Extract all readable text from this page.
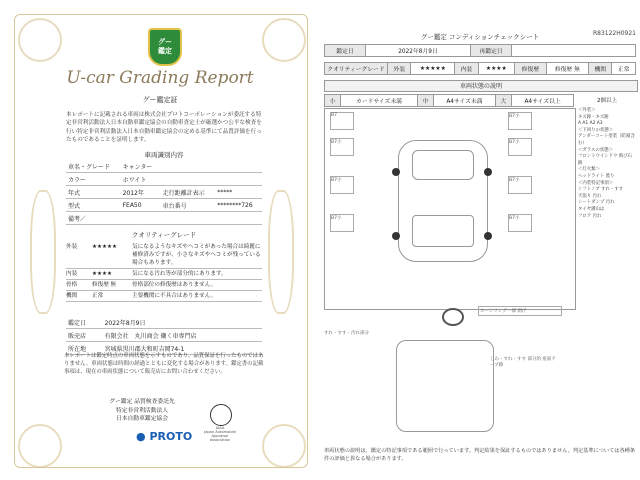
グー
鑑定
U-car Grading Report
グー鑑定証
本レポートに記載される車両は株式会社プロトコーポレーションが委託する特定非営利活動法人日本自動車鑑定協会の自動車査定士が厳選かつ公平な検査を行い特定非営利活動法人日本自動車鑑定協会の定める基準にて品質評価を行ったものであることを証明します。
車両識別内容
車名・グレード	キャンター		
カラー	ホワイト		
年式	2012年	走行距離計表示	*****
型式	FEA50	車台番号	********726
備考／			
クオリティーグレード
外装	★★★★★	気になるようなキズやヘコミがあった場合は綺麗に補修済みですが、小さなキズやヘコミが残っている場合もあります。
内装	★★★★	気になる汚れ等が部分的にあります。
骨格	修復歴 無	骨格部位の修復歴はありません。
機関	正常	主要機関に不具合はありません。
鑑定日	2022年8月9日
販売店	有限会社　丸川商会 働く車専門店
所在地	宮城県黒川郡大和町吉岡74-1
本レポートは鑑定時点の車両状態を示すものであり、品質保証を行ったものではありません。車両状態は時間の経過とともに変化する場合があります。鑑定書の記載事項は、現在の車両状態について販売店にお問い合わせください。
グー鑑定 品質検査委託先
特定非営利活動法人
日本自動車鑑定協会
JAAA
Japan Automobile Appraisal Association
● PROTO
グー鑑定 コンディションチェックシート	R83122H0921
鑑定日	2022年8月9日	再鑑定日	
クオリティーグレード	外装	★★★★★	内装	★★★★	修復歴	修復歴 無	機関	正常
車両状態の説明
小	カードサイズ未満	中	A4サイズ未満	大	A4サイズ以上	2個以上
B7	B7小
B7小	B7小
B7小	B7小
B7小	B7小
＜外装＞
キズ跡 - キズ跡
A A1 A2 A3
＜下回りの状態＞
アンダーコート塗装（防錆含む）
＜ガラスの状態＞
フロントウインドウ 飛び石 跡
＜灯火類＞
ヘッドライト 曇り
＜内装特記事項＞
シフトノブ すれ・すす
天張り 汚れ
シートダンプ 汚れ
タイヤ溝山は
フロア 汚れ
ホーンリング一部 剥げ
すれ・すす・汚れ部分
しわ・すれ・すす 部分的 座面テープ跡
車両状態の説明は、鑑定の特記事項である範囲で行っています。判定結果を保証するものではありません。判定基準については各種条件の評価と異なる場合があります。
